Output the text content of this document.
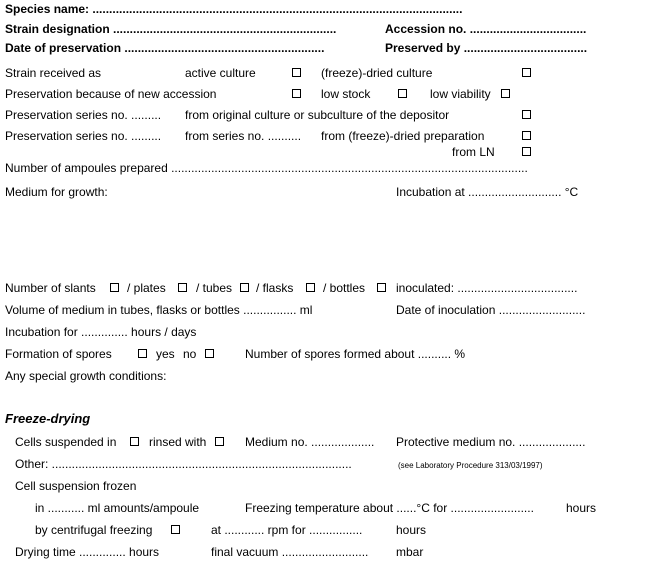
Species name: ...............................................................................................................
Strain designation ...................................................................	Accession no. ...................................
Date of preservation ............................................................	Preserved by .....................................
Strain received as	active culture	(freeze)-dried culture
Preservation because of new accession	low stock	low viability
Preservation series no. ......... from original culture or subculture of the depositor
Preservation series no. ......... from series no. .......... from (freeze)-dried preparation
from LN
Number of ampoules prepared ...........................................................................................................
Medium for growth:	Incubation at ............................ °C
Number of slants	/ plates	/ tubes / flasks / bottles	inoculated: ....................................
Volume of medium in tubes, flasks or bottles ................ ml	Date of inoculation ..........................
Incubation for .............. hours / days
Formation of spores	yes no	Number of spores formed about .......... %
Any special growth conditions:
Freeze-drying
Cells suspended in	rinsed with	Medium no. ................... Protective medium no. ....................
Other: ..........................................................................................	(see Laboratory Procedure 313/03/1997)
Cell suspension frozen
in ........... ml amounts/ampoule	Freezing temperature about ......°C for .........................	hours
by centrifugal freezing	at ............ rpm for ................	hours
Drying time .............. hours	final vacuum .......................... mbar
